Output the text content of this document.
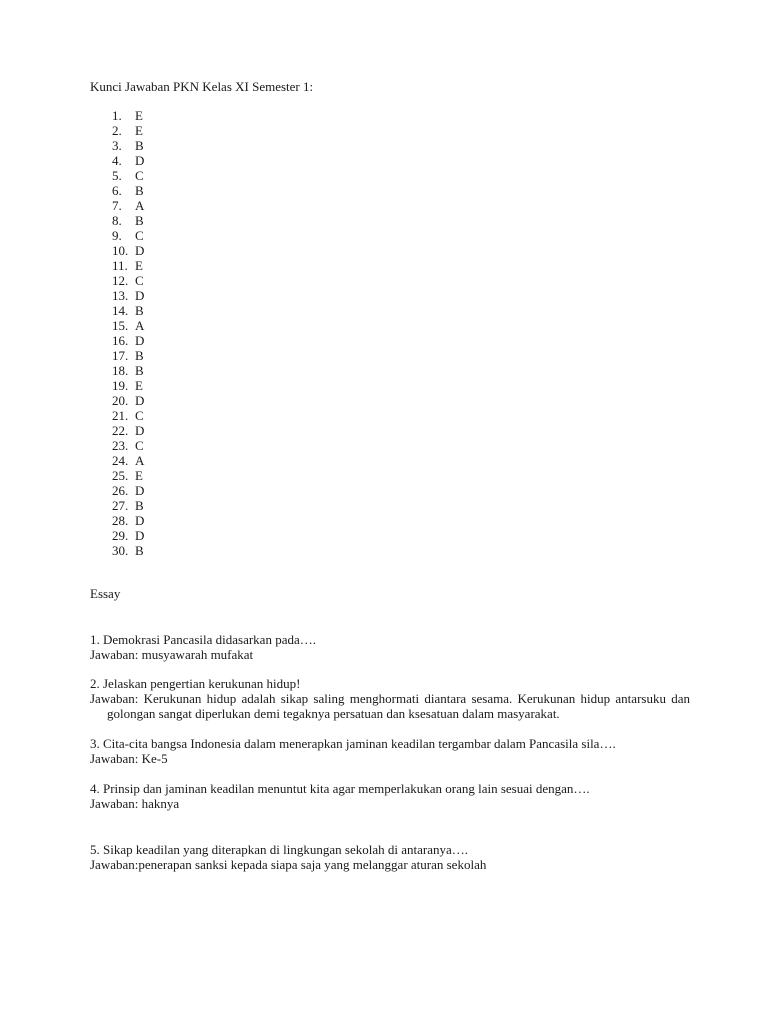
Kunci Jawaban PKN Kelas XI Semester 1:
1.	E
2.	E
3.	B
4.	D
5.	C
6.	B
7.	A
8.	B
9.	C
10. D
11. E
12. C
13. D
14. B
15. A
16. D
17. B
18. B
19. E
20. D
21. C
22. D
23. C
24. A
25. E
26. D
27. B
28. D
29. D
30. B
Essay
1. Demokrasi Pancasila didasarkan pada….
Jawaban: musyawarah mufakat
2. Jelaskan pengertian kerukunan hidup!
Jawaban: Kerukunan hidup adalah sikap saling menghormati diantara sesama. Kerukunan hidup antarsuku dan golongan sangat diperlukan demi tegaknya persatuan dan ksesatuan dalam masyarakat.
3. Cita-cita bangsa Indonesia dalam menerapkan jaminan keadilan tergambar dalam Pancasila sila….
Jawaban: Ke-5
4. Prinsip dan jaminan keadilan menuntut kita agar memperlakukan orang lain sesuai dengan….
Jawaban: haknya
5. Sikap keadilan yang diterapkan di lingkungan sekolah di antaranya….
Jawaban:penerapan sanksi kepada siapa saja yang melanggar aturan sekolah
